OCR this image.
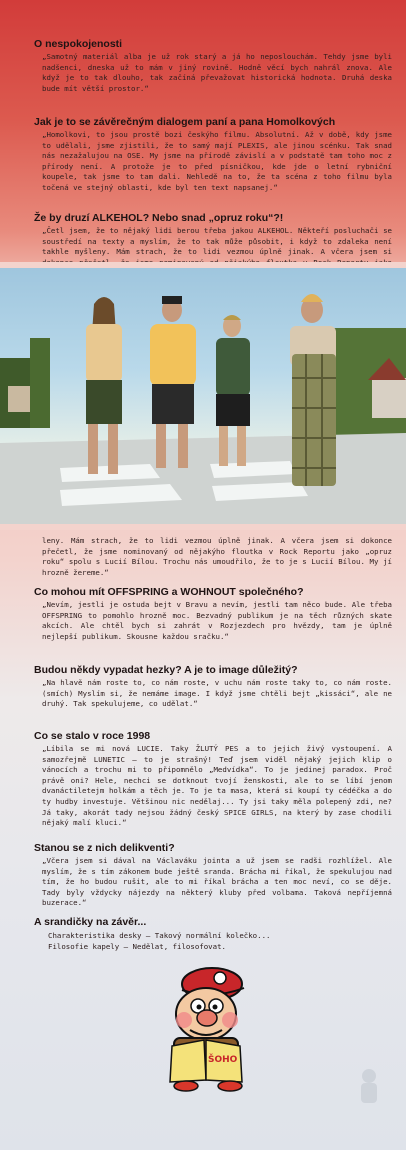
O nespokojenosti

„Samotný materiál alba je už rok starý a já ho neposlouchám. Tehdy jsme byli nadšenci, dneska už to mám v jiný rovině. Hodně věcí bych nahrál znova. Ale když je to tak dlouho, tak začíná převažovat historická hodnota. Druhá deska bude mít větší prostor.“

Jak je to se závěrečným dialogem paní a pana Homolkových

„Homolkovi, to jsou prostě bozi českýho filmu. Absolutní. Až v době, kdy jsme to udělali, jsme zjistili, že to samý mají PLEXIS, ale jinou scénku. Tak snad nás nezažalujou na OSE. My jsme na přírodě závislí a v podstatě tam toho moc z přírody není. A protože je to před písničkou, kde jde o letní rybniční koupele, tak jsme to tam dali. Nehledě na to, že ta scéna z toho filmu byla točená ve stejný oblasti, kde byl ten text napsanej.“

Že by druzí ALKEHOL? Nebo snad „opruz roku“?!

„Četl jsem, že to nějaký lidi berou třeba jakou ALKEHOL. Někteří posluchači se soustředí na texty a myslím, že to tak může působit, i když to zdaleka není takhle myšleny. Mám strach, že to lidi vezmou úplně jinak. A včera jsem si

leny. Mám strach, že to lidi vezmou úplně jinak. A včera jsem si dokonce přečetl, že jsme nominovaný od nějakýho floutka v Rock Reportu jako „opruz roku“ spolu s Lucií Bílou. Trochu nás umoudřilo, že to je s Lucií Bílou. My jí hrozně žereme.“

Co mohou mít OFFSPRING a WOHNOUT společného?

„Nevím, jestli je ostuda bejt v Bravu a nevím, jestli tam něco bude. Ale třeba OFFSPRING to pomohlo hrozně moc. Bezvadný publikum je na těch různých skate akcích. Ale chtěl bych si zahrát v Rozjezdech pro hvězdy, tam je úplně nejlepší publikum. Skousne každou sračku.“

Budou někdy vypadat hezky? A je to image důležitý?

„Na hlavě nám roste to, co nám roste, v uchu nám roste taky to, co nám roste. (smích) Myslím si, že nemáme image. I když jsme chtěli bejt „kissáci“, ale ne druhý. Tak spekulujeme, co udělat.“

Co se stalo v roce 1998

„Líbila se mi nová LUCIE. Taky ŽLUTÝ PES a to jejich živý vystoupení. A samozřejmě LUNETIC – to je strašný! Teď jsem viděl nějaký jejich klip o vánocích a trochu mi to připomnělo „Medvídka“. To je jedinej paradox. Proč právě oni? Hele, nechci se dotknout tvojí ženskosti, ale to se líbí jenom dvanáctiletejm holkám a těch je. To je ta masa, která si koupí ty cédéčka a do ty hudby investuje. Většinou nic nedělaj... Ty jsi taky měla polepený zdi, ne? Já taky, akorát tady nejsou žádný český SPICE GIRLS, na který by zase chodili nějaký malí kluci.“

Stanou se z nich delikventi?

„Včera jsem si dával na Václaváku jointa a už jsem se radši rozhlížel. Ale myslím, že s tím zákonem bude ještě sranda. Brácha mi říkal, že spekulujou nad tím, že ho budou rušit, ale to mi říkal brácha a ten moc neví, co se děje. Tady byly vždycky nájezdy na některý kluby před volbama. Taková nepříjemná buzerace.“

A srandičky na závěr...
Charakteristika desky – Takový normální kolečko...
Filosofie kapely – Nedělat, filosofovat.
ŠOHO
